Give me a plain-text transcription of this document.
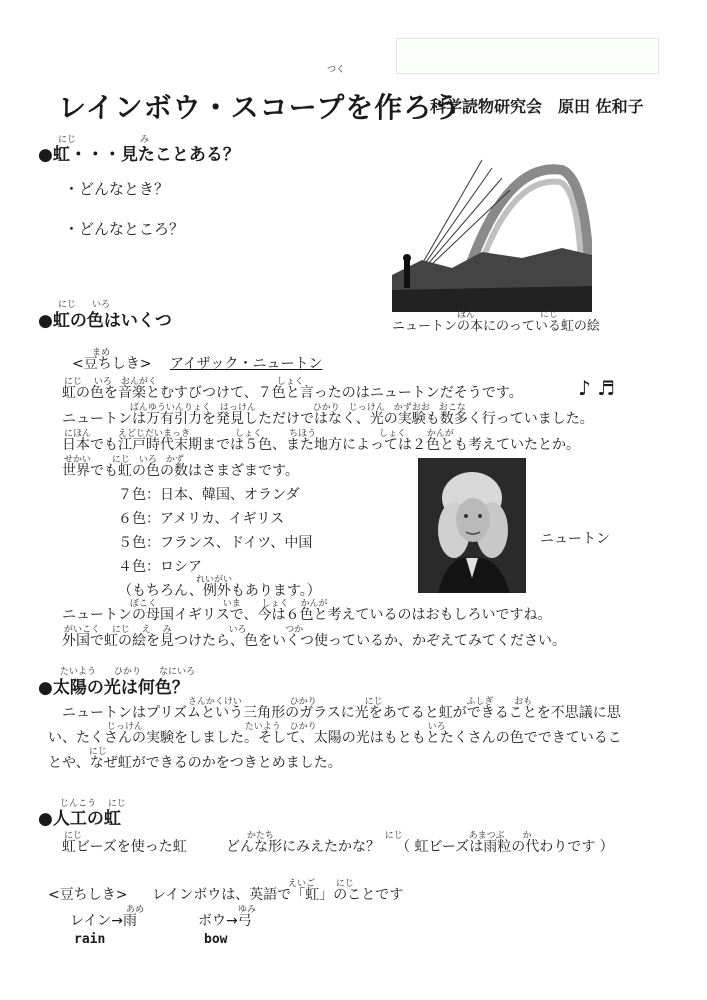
つく
レインボウ・スコープを作ろう
科学読物研究会　原田 佐和子
にじ	み
●虹・・・見たことある？
・どんなとき？
・どんなところ？
ほん	にじ
ニュートンの本にのっている虹の絵
にじ いろ
●虹の色はいくつ
まめ
<豆ちしき> アイザック・ニュートン
にじ　 いろ　おんがく　　　　　　　　　　　　　 しょく
虹の色を音楽とむすびつけて、７色と言ったのはニュートンだそうです。	♪ ♬
　　　　　　　 ばんゆういんりょく　はっけん　　　　　　 ひかり　じっけん　かずおお　おこな
ニュートンは万有引力を発見しただけではなく、光の実験も数多く行っていました。
にほん　　　えどじだいまっき　　　　　しょく　　　ちほう　　　　　　　しょく　　 かんが
日本でも江戸時代末期までは５色、また地方によっては２色とも考えていたとか。
せかい　　 にじ　いろ　かず
世界でも虹の色の数はさまざまです。
７色：日本、韓国、オランダ
６色：アメリカ、イギリス
５色：フランス、ドイツ、中国
４色：ロシア
れいがい
（もちろん、例外もあります。）
ニュートン
　　　　　　　 ぼこく　　　　　　　 いま　　 しょく　 かんが
ニュートンの母国イギリスで、今は６色と考えているのはおもしろいですね。
がいこく　 にじ　 え　 み　　　　　　 いろ　　　　 つか
外国で虹の絵を見つけたら、色をいくつ使っているか、かぞえてみてください。
たいよう　　ひかり　　なにいろ
●太陽の光は何色？
　　　　　　　　　　　　　　　 さんかくけい　　　　　 ひかり　　　　　 にじ　　　　　　　　　 ふしぎ　　 おも
　ニュートンはプリズムという三角形のガラスに光をあてると虹ができることを不思議に思
　　　　　　 じっけん　　　　　　　　　　　 たいよう　ひかり　　　　　　　　　　　　 いろ
い、たくさんの実験をしました。そして、太陽の光はもともとたくさんの色でできているこ
　　　　 にじ
とや、なぜ虹ができるのかをつきとめました。
じんこう　 にじ
●人工の虹
にじ　　　　　　　　　　　　　　　　　　 かたち　　　　　　　　　　　　 にじ　　　　　　　 あまつぶ　　か
虹ビーズを使った虹	どんな形にみえたかな？ （ 虹ビーズは雨粒の代わりです ）
えいご　　 にじ
<豆ちしき> レインボウは、英語で「虹」のことです
あめ
レイン→雨
ゆみ
ボウ→弓
rain	bow
